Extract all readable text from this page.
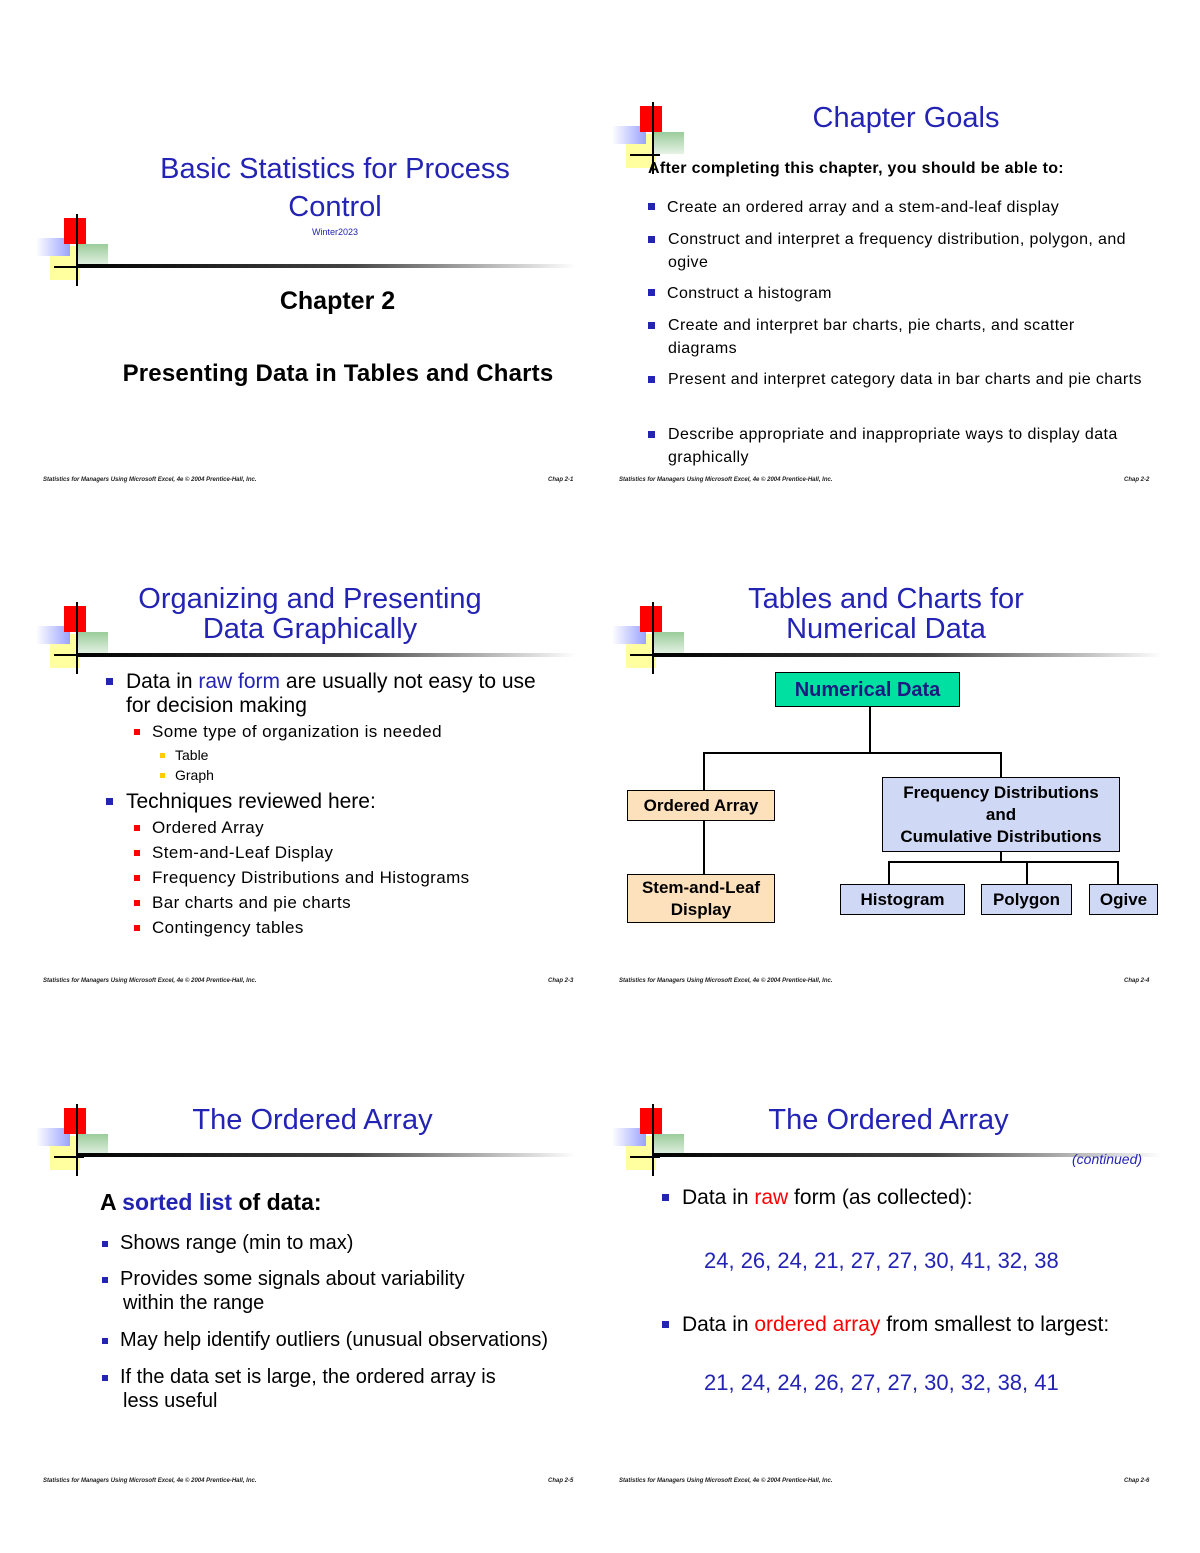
Basic Statistics for Process
Control
Winter2023
Chapter 2
Presenting Data in Tables and Charts
Statistics for Managers Using Microsoft Excel, 4e © 2004 Prentice-Hall, Inc.	Chap 2-1
Chapter Goals
After completing this chapter, you should be able to:
Create an ordered array and a stem-and-leaf display
Construct and interpret a frequency distribution, polygon, and ogive
Construct a histogram
Create and interpret bar charts, pie charts, and scatter diagrams
Present and interpret category data in bar charts and pie charts
Describe appropriate and inappropriate ways to display data graphically
Statistics for Managers Using Microsoft Excel, 4e © 2004 Prentice-Hall, Inc.	Chap 2-2
Organizing and Presenting
Data Graphically
Data in raw form are usually not easy to use
for decision making
Some type of organization is needed
Table
Graph
Techniques reviewed here:
Ordered Array
Stem-and-Leaf Display
Frequency Distributions and Histograms
Bar charts and pie charts
Contingency tables
Statistics for Managers Using Microsoft Excel, 4e © 2004 Prentice-Hall, Inc.	Chap 2-3
Tables and Charts for
Numerical Data
Numerical Data
Ordered Array
Stem-and-Leaf
Display
Frequency Distributions
and
Cumulative Distributions
Histogram	Polygon	Ogive
Statistics for Managers Using Microsoft Excel, 4e © 2004 Prentice-Hall, Inc.	Chap 2-4
The Ordered Array
A sorted list of data:
Shows range (min to max)
Provides some signals about variability
within the range
May help identify outliers (unusual observations)
If the data set is large, the ordered array is
less useful
Statistics for Managers Using Microsoft Excel, 4e © 2004 Prentice-Hall, Inc.	Chap 2-5
The Ordered Array
(continued)
Data in raw form (as collected):
24, 26, 24, 21, 27, 27, 30, 41, 32, 38
Data in ordered array from smallest to largest:
21, 24, 24, 26, 27, 27, 30, 32, 38, 41
Statistics for Managers Using Microsoft Excel, 4e © 2004 Prentice-Hall, Inc.	Chap 2-6
